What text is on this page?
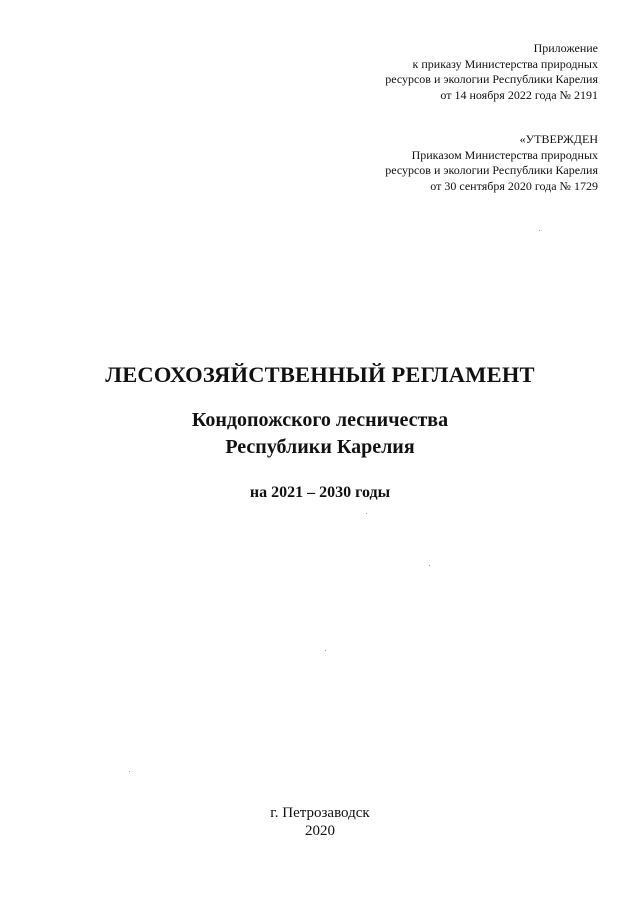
Приложение
к приказу Министерства природных
ресурсов и экологии Республики Карелия
от 14 ноября 2022 года № 2191
«УТВЕРЖДЕН
Приказом Министерства природных
ресурсов и экологии Республики Карелия
от 30 сентября 2020 года № 1729
ЛЕСОХОЗЯЙСТВЕННЫЙ РЕГЛАМЕНТ
Кондопожского лесничества
Республики Карелия
на 2021 – 2030 годы
г. Петрозаводск
2020
